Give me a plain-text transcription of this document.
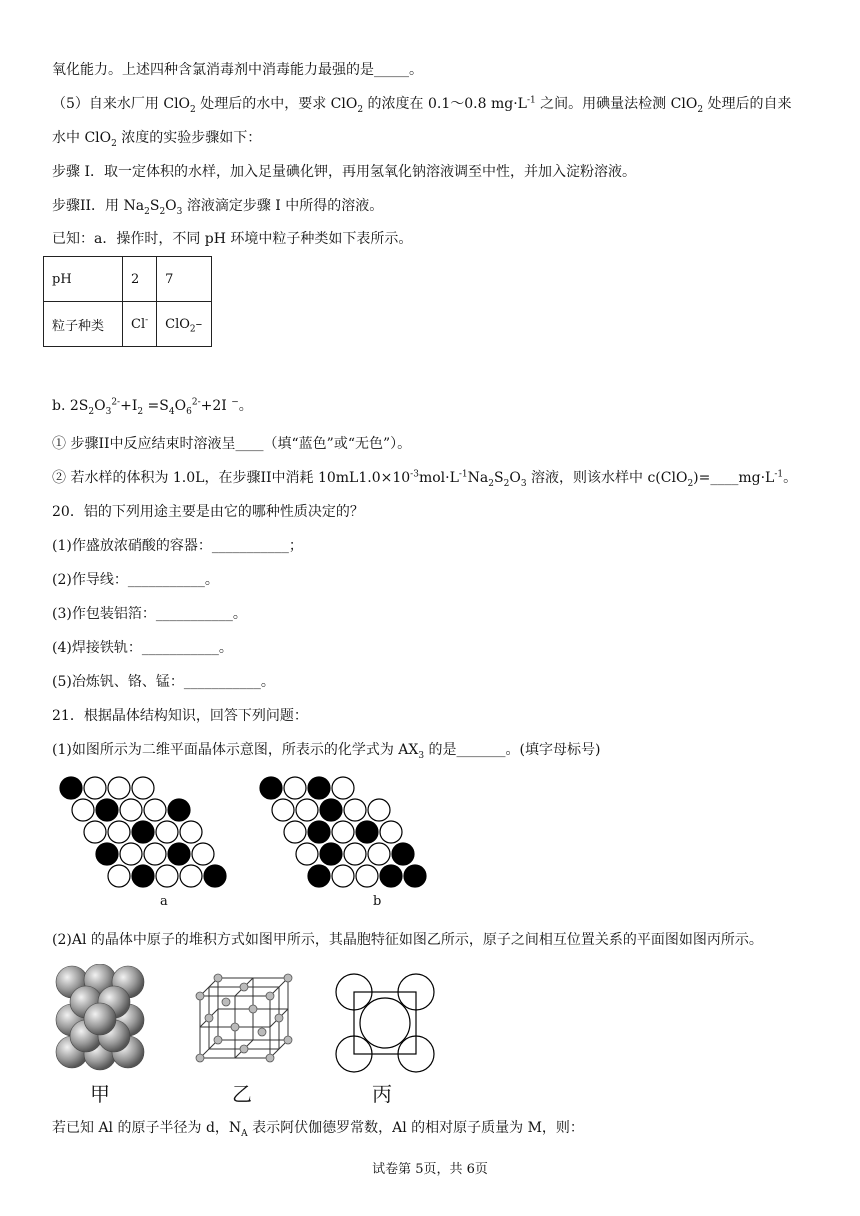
氧化能力。上述四种含氯消毒剂中消毒能力最强的是_____。
（5）自来水厂用 ClO$_2$ 处理后的水中，要求 ClO$_2$ 的浓度在 0.1～0.8 $mg\cdot L^{-1}$ 之间。用碘量法检测 ClO$_2$ 处理后的自来
水中 ClO$_2$ 浓度的实验步骤如下：
步骤 I．取一定体积的水样，加入足量碘化钾，再用氢氧化钠溶液调至中性，并加入淀粉溶液。
步骤II．用 $Na_2S_2O_3$ 溶液滴定步骤 I 中所得的溶液。
已知：a．操作时，不同 pH 环境中粒子种类如下表所示。
pH	2	7
粒子种类	Cl-	ClO$_2$–
b. $2S_2O_3^{2-}+I_2 =S_4O_6^{2-}+2I$ −。
① 步骤II中反应结束时溶液呈____（填“蓝色”或“无色”）。
② 若水样的体积为 1.0L，在步骤II中消耗 $10mL1.0\times 10^{-3}mol\cdot L^{-1}Na_2S_2O_3$ 溶液，则该水样中 $c(ClO_2)=\_\_\_\_mg\cdot L^{-1}$。
20．铝的下列用途主要是由它的哪种性质决定的？
(1)作盛放浓硝酸的容器：___________；
(2)作导线：___________。
(3)作包装铝箔：___________。
(4)焊接铁轨：___________。
(5)冶炼钒、铬、锰：___________。
21．根据晶体结构知识，回答下列问题：
(1)如图所示为二维平面晶体示意图，所表示的化学式为 $AX_3$ 的是_______。(填字母标号)
a	b
(2)Al 的晶体中原子的堆积方式如图甲所示，其晶胞特征如图乙所示，原子之间相互位置关系的平面图如图丙所示。
甲	乙	丙
若已知 Al 的原子半径为 d，$N_A$ 表示阿伏伽德罗常数，Al 的相对原子质量为 M，则：
试卷第 5页，共 6页
